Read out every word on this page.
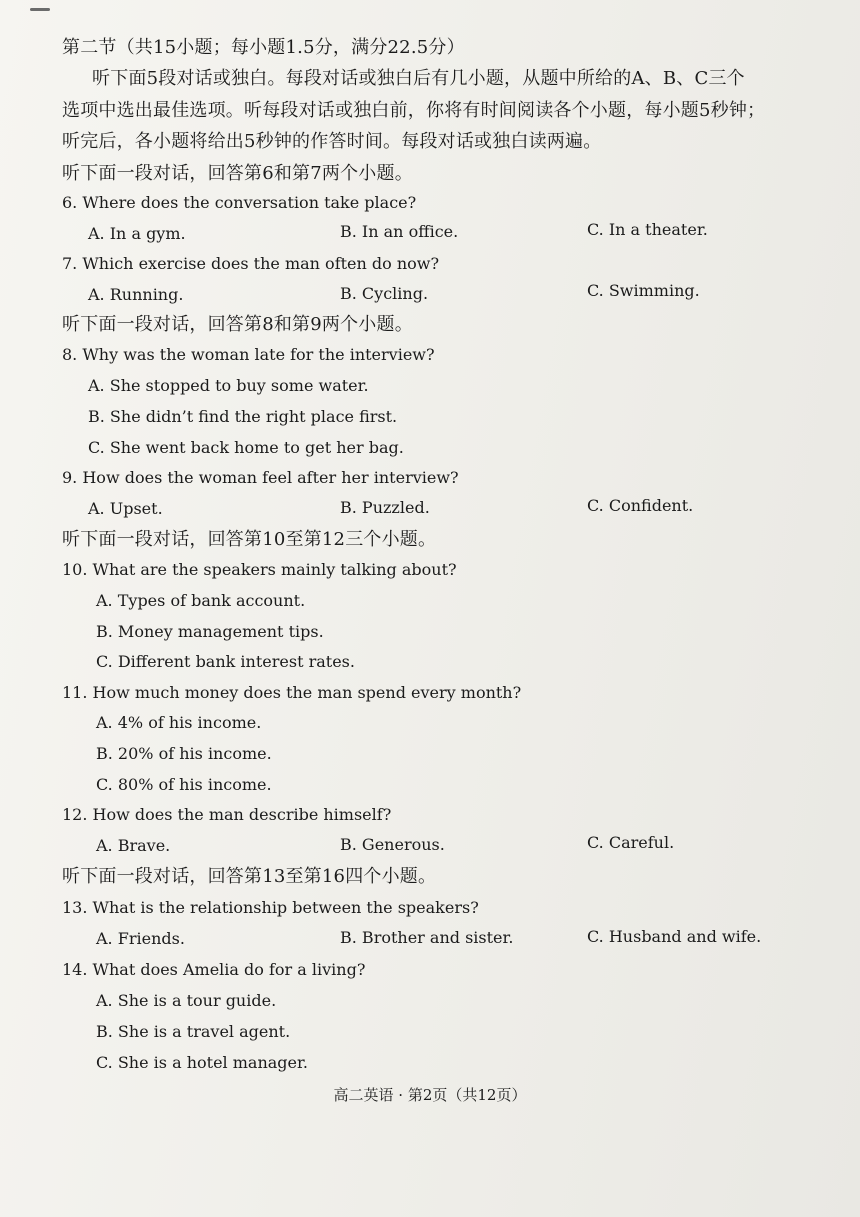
第二节（共15小题；每小题1.5分，满分22.5分）
听下面5段对话或独白。每段对话或独白后有几小题，从题中所给的A、B、C三个
选项中选出最佳选项。听每段对话或独白前，你将有时间阅读各个小题，每小题5秒钟；
听完后，各小题将给出5秒钟的作答时间。每段对话或独白读两遍。
听下面一段对话，回答第6和第7两个小题。
6. Where does the conversation take place?
A. In a gym.	B. In an office.	C. In a theater.
7. Which exercise does the man often do now?
A. Running.	B. Cycling.	C. Swimming.
听下面一段对话，回答第8和第9两个小题。
8. Why was the woman late for the interview?
A. She stopped to buy some water.
B. She didn’t find the right place first.
C. She went back home to get her bag.
9. How does the woman feel after her interview?
A. Upset.	B. Puzzled.	C. Confident.
听下面一段对话，回答第10至第12三个小题。
10. What are the speakers mainly talking about?
A. Types of bank account.
B. Money management tips.
C. Different bank interest rates.
11. How much money does the man spend every month?
A. 4% of his income.
B. 20% of his income.
C. 80% of his income.
12. How does the man describe himself?
A. Brave.	B. Generous.	C. Careful.
听下面一段对话，回答第13至第16四个小题。
13. What is the relationship between the speakers?
A. Friends.	B. Brother and sister.	C. Husband and wife.
14. What does Amelia do for a living?
A. She is a tour guide.
B. She is a travel agent.
C. She is a hotel manager.
高二英语 · 第2页（共12页）
